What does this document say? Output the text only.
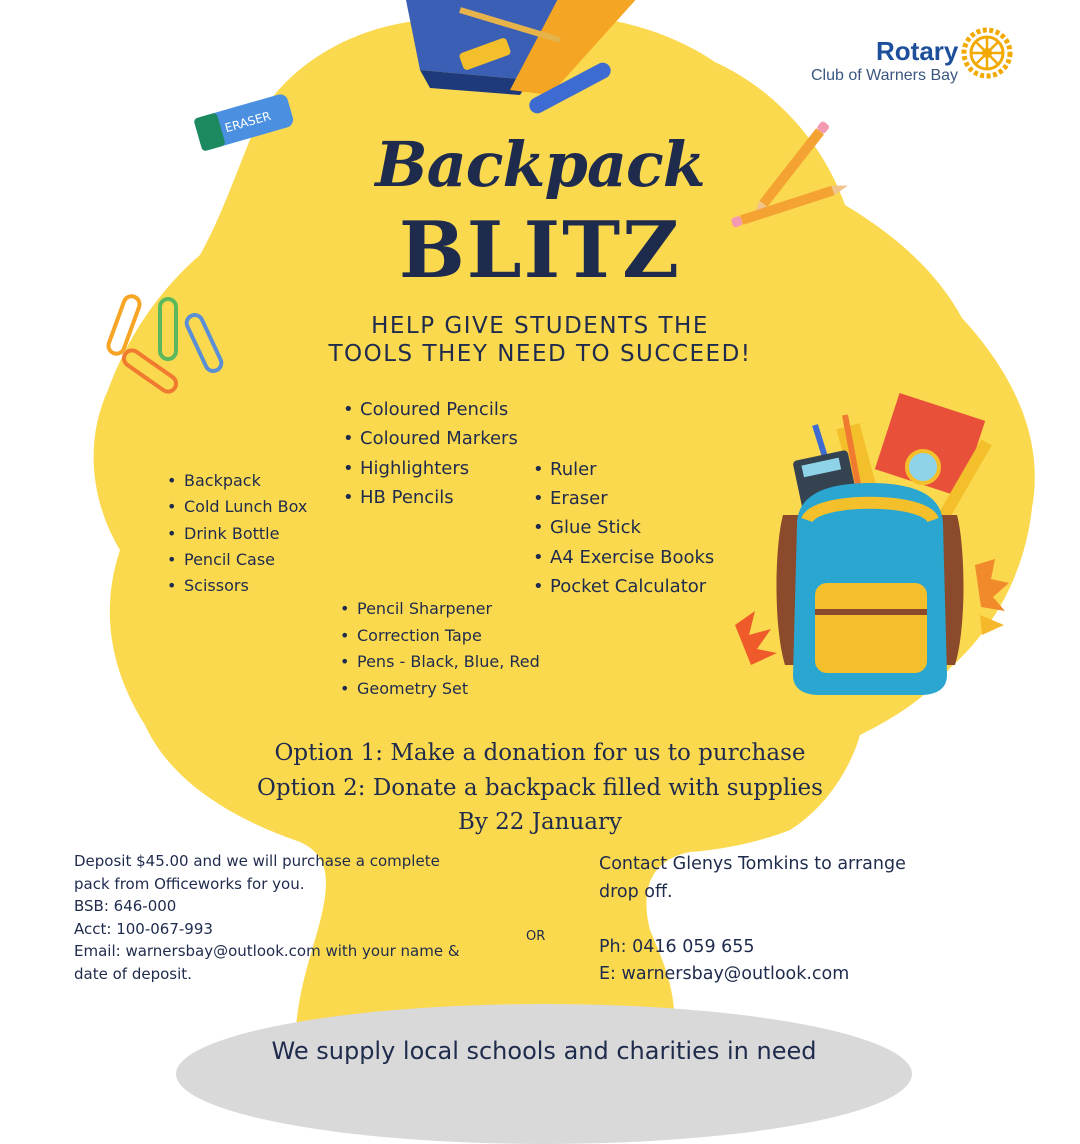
ERASER
Rotary
Club of Warners Bay
Backpack
BLITZ
HELP GIVE STUDENTS THE
TOOLS THEY NEED TO SUCCEED!
• Coloured Pencils
• Coloured Markers
• Highlighters
• HB Pencils
• Backpack
• Cold Lunch Box
• Drink Bottle
• Pencil Case
• Scissors
• Ruler
• Eraser
• Glue Stick
• A4 Exercise Books
• Pocket Calculator
• Pencil Sharpener
• Correction Tape
• Pens - Black, Blue, Red
• Geometry Set
Option 1: Make a donation for us to purchase
Option 2: Donate a backpack filled with supplies
By 22 January
Deposit $45.00 and we will purchase a complete
pack from Officeworks for you.
BSB: 646-000
Acct: 100-067-993
Email: warnersbay@outlook.com with your name &
date of deposit.
OR
Contact Glenys Tomkins to arrange
drop off.
Ph: 0416 059 655
E: warnersbay@outlook.com
We supply local schools and charities in need
